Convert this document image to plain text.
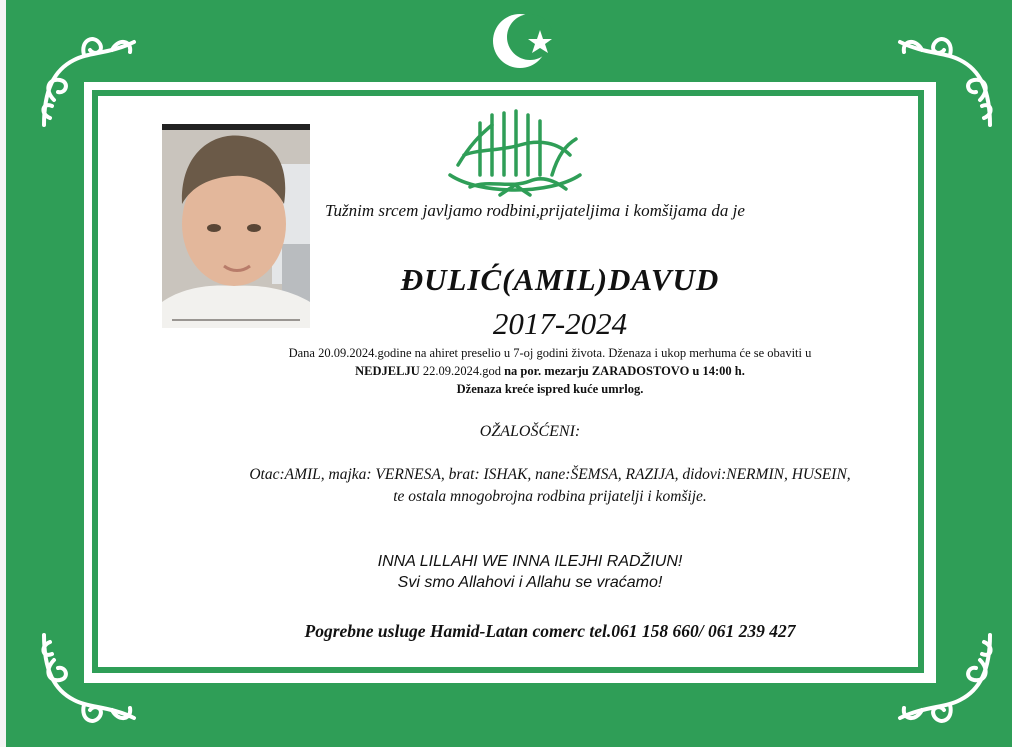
Tužnim srcem javljamo rodbini,prijateljima i komšijama da je
ĐULIĆ(AMIL)DAVUD
2017-2024
Dana 20.09.2024.godine na ahiret preselio u 7-oj godini života. Dženaza i ukop merhuma će se obaviti u
NEDJELJU 22.09.2024.god na por. mezarju ZARADOSTOVO u 14:00 h.
Dženaza kreće ispred kuće umrlog.
OŽALOŠĆENI:
Otac:AMIL, majka: VERNESA, brat: ISHAK, nane:ŠEMSA, RAZIJA, didovi:NERMIN, HUSEIN,
te ostala mnogobrojna rodbina prijatelji i komšije.
INNA LILLAHI WE INNA ILEJHI RADŽIUN!
Svi smo Allahovi i Allahu se vraćamo!
Pogrebne usluge Hamid-Latan comerc tel.061 158 660/ 061 239 427
